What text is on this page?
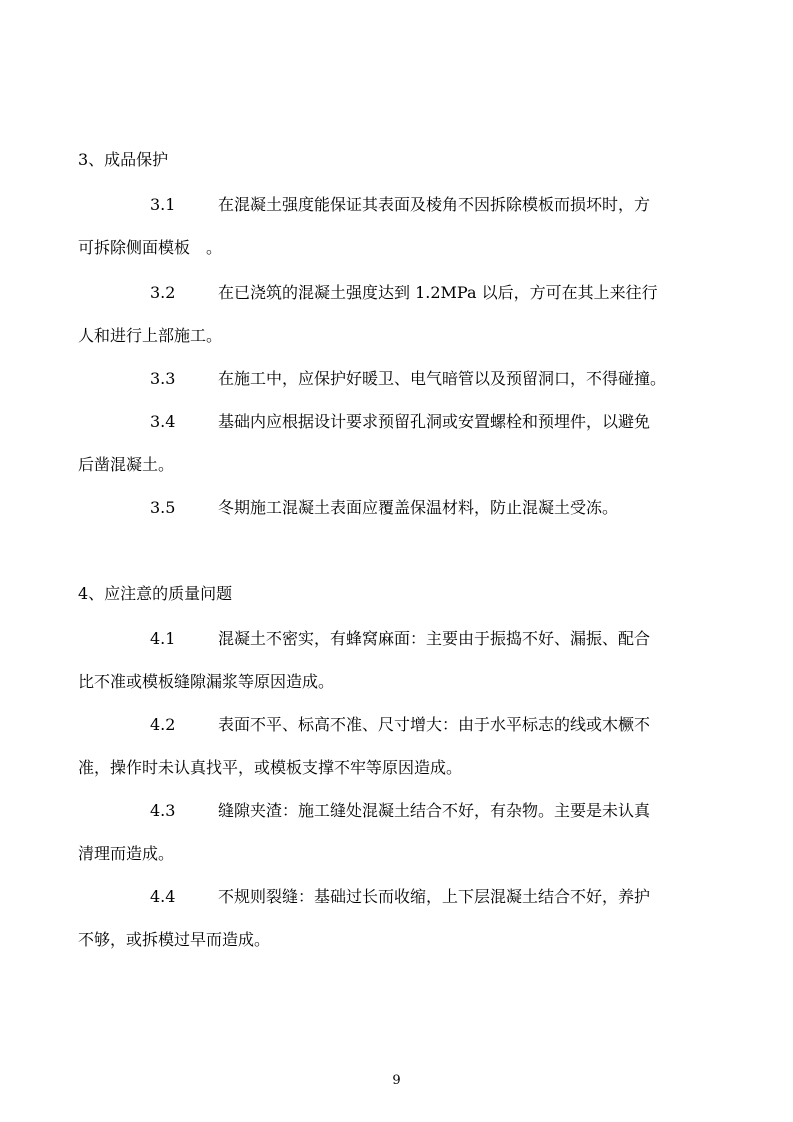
3、成品保护
3.1	在混凝土强度能保证其表面及棱角不因拆除模板而损坏时，方
可拆除侧面模板　。
3.2	在已浇筑的混凝土强度达到 1.2MPa 以后，方可在其上来往行
人和进行上部施工。
3.3	在施工中，应保护好暖卫、电气暗管以及预留洞口，不得碰撞。
3.4	基础内应根据设计要求预留孔洞或安置螺栓和预埋件，以避免
后凿混凝土。
3.5	冬期施工混凝土表面应覆盖保温材料，防止混凝土受冻。
4、应注意的质量问题
4.1	混凝土不密实，有蜂窝麻面：主要由于振捣不好、漏振、配合
比不准或模板缝隙漏浆等原因造成。
4.2	表面不平、标高不准、尺寸增大：由于水平标志的线或木橛不
准，操作时未认真找平，或模板支撑不牢等原因造成。
4.3	缝隙夹渣：施工缝处混凝土结合不好，有杂物。主要是未认真
清理而造成。
4.4	不规则裂缝：基础过长而收缩，上下层混凝土结合不好，养护
不够，或拆模过早而造成。
9
